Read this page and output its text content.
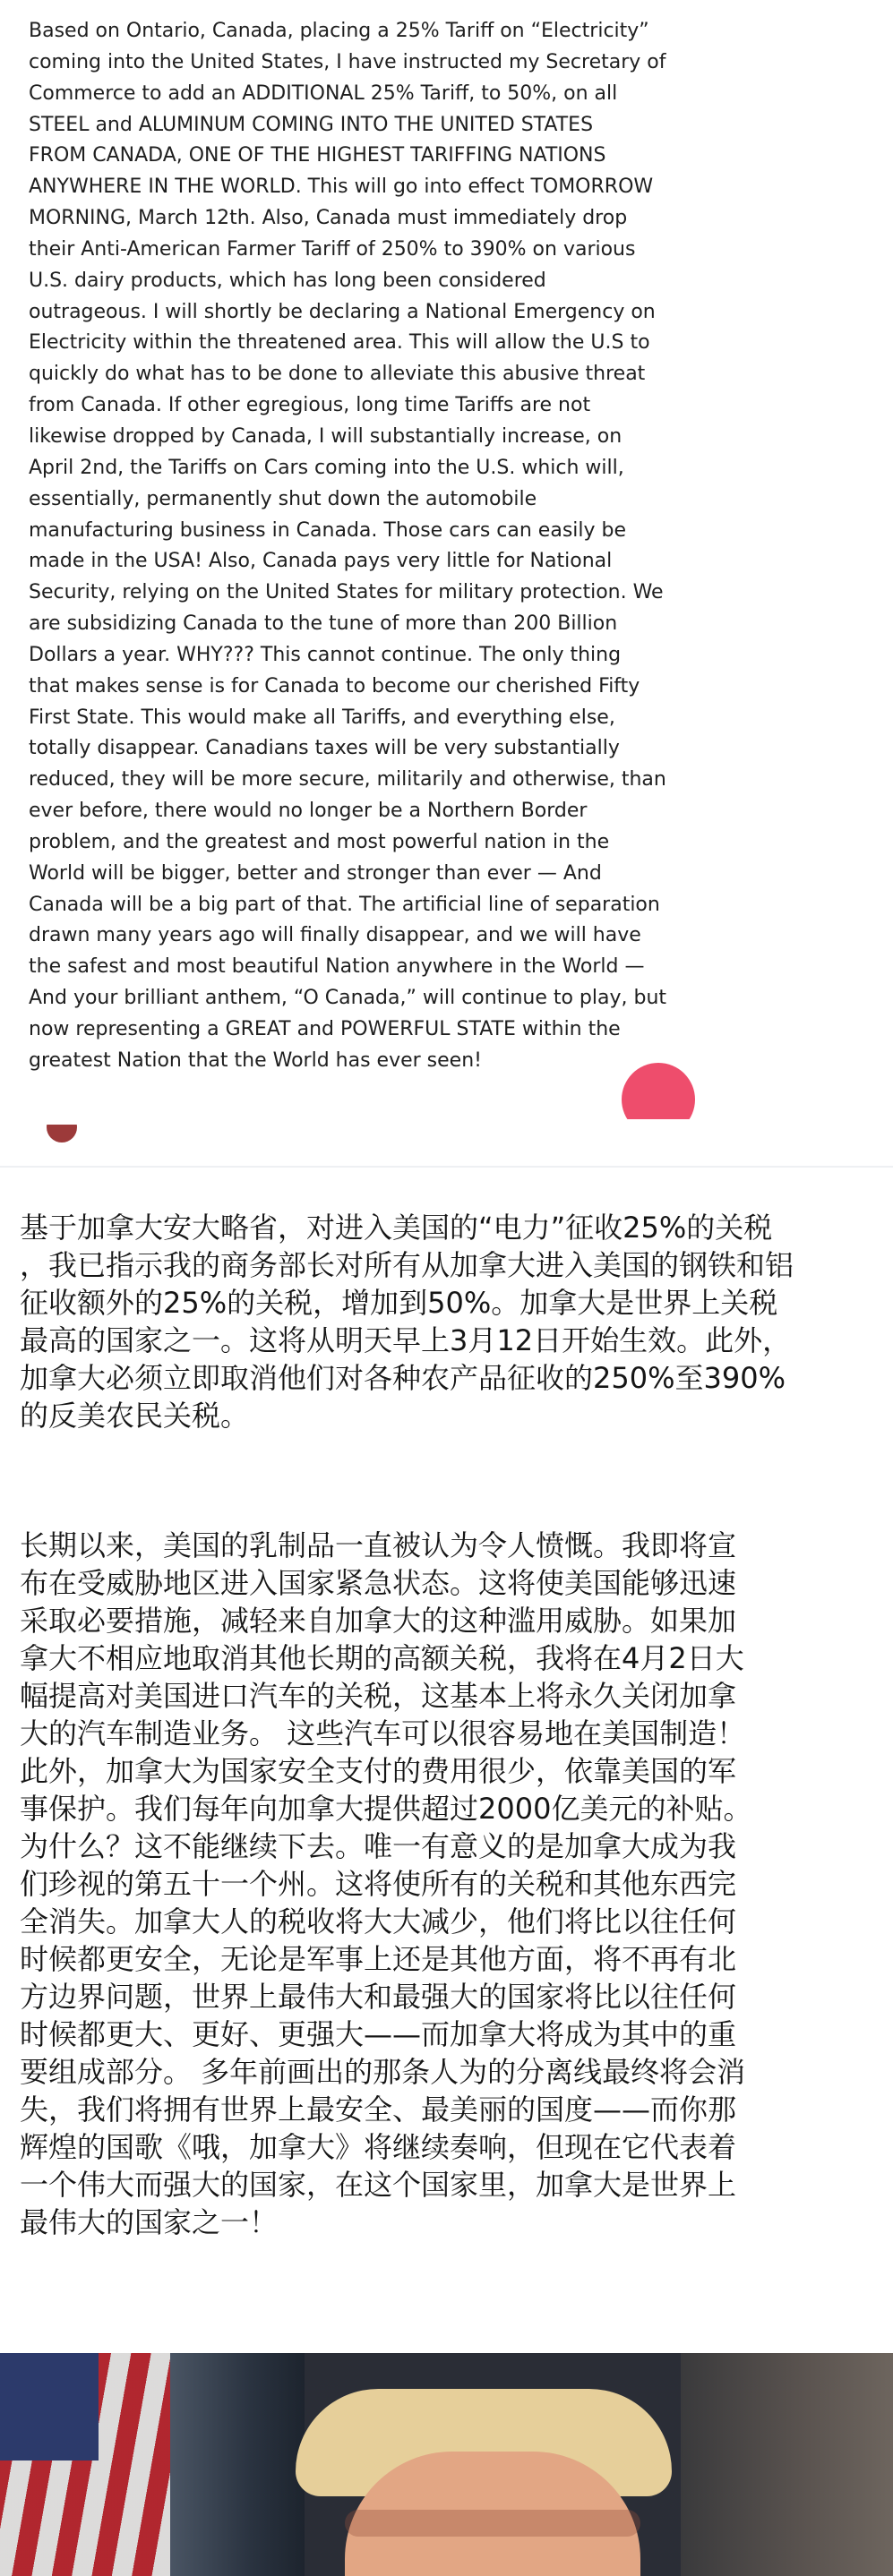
Based on Ontario, Canada, placing a 25% Tariff on “Electricity”
coming into the United States, I have instructed my Secretary of
Commerce to add an ADDITIONAL 25% Tariff, to 50%, on all
STEEL and ALUMINUM COMING INTO THE UNITED STATES
FROM CANADA, ONE OF THE HIGHEST TARIFFING NATIONS
ANYWHERE IN THE WORLD. This will go into effect TOMORROW
MORNING, March 12th. Also, Canada must immediately drop
their Anti-American Farmer Tariff of 250% to 390% on various
U.S. dairy products, which has long been considered
outrageous. I will shortly be declaring a National Emergency on
Electricity within the threatened area. This will allow the U.S to
quickly do what has to be done to alleviate this abusive threat
from Canada. If other egregious, long time Tariffs are not
likewise dropped by Canada, I will substantially increase, on
April 2nd, the Tariffs on Cars coming into the U.S. which will,
essentially, permanently shut down the automobile
manufacturing business in Canada. Those cars can easily be
made in the USA! Also, Canada pays very little for National
Security, relying on the United States for military protection. We
are subsidizing Canada to the tune of more than 200 Billion
Dollars a year. WHY??? This cannot continue. The only thing
that makes sense is for Canada to become our cherished Fifty
First State. This would make all Tariffs, and everything else,
totally disappear. Canadians taxes will be very substantially
reduced, they will be more secure, militarily and otherwise, than
ever before, there would no longer be a Northern Border
problem, and the greatest and most powerful nation in the
World will be bigger, better and stronger than ever — And
Canada will be a big part of that. The artificial line of separation
drawn many years ago will finally disappear, and we will have
the safest and most beautiful Nation anywhere in the World —
And your brilliant anthem, “O Canada,” will continue to play, but
now representing a GREAT and POWERFUL STATE within the
greatest Nation that the World has ever seen!

基于加拿大安大略省，对进入美国的“电力”征收25%的关税
，我已指示我的商务部长对所有从加拿大进入美国的钢铁和铝
征收额外的25%的关税，增加到50%。加拿大是世界上关税
最高的国家之一。这将从明天早上3月12日开始生效。此外，
加拿大必须立即取消他们对各种农产品征收的250%至390%
的反美农民关税。

长期以来，美国的乳制品一直被认为令人愤慨。我即将宣
布在受威胁地区进入国家紧急状态。这将使美国能够迅速
采取必要措施，减轻来自加拿大的这种滥用威胁。如果加
拿大不相应地取消其他长期的高额关税，我将在4月2日大
幅提高对美国进口汽车的关税，这基本上将永久关闭加拿
大的汽车制造业务。 这些汽车可以很容易地在美国制造！
此外，加拿大为国家安全支付的费用很少，依靠美国的军
事保护。我们每年向加拿大提供超过2000亿美元的补贴。
为什么？这不能继续下去。唯一有意义的是加拿大成为我
们珍视的第五十一个州。这将使所有的关税和其他东西完
全消失。加拿大人的税收将大大减少，他们将比以往任何
时候都更安全，无论是军事上还是其他方面，将不再有北
方边界问题，世界上最伟大和最强大的国家将比以往任何
时候都更大、更好、更强大——而加拿大将成为其中的重
要组成部分。 多年前画出的那条人为的分离线最终将会消
失，我们将拥有世界上最安全、最美丽的国度——而你那
辉煌的国歌《哦，加拿大》将继续奏响，但现在它代表着
一个伟大而强大的国家，在这个国家里，加拿大是世界上
最伟大的国家之一！
